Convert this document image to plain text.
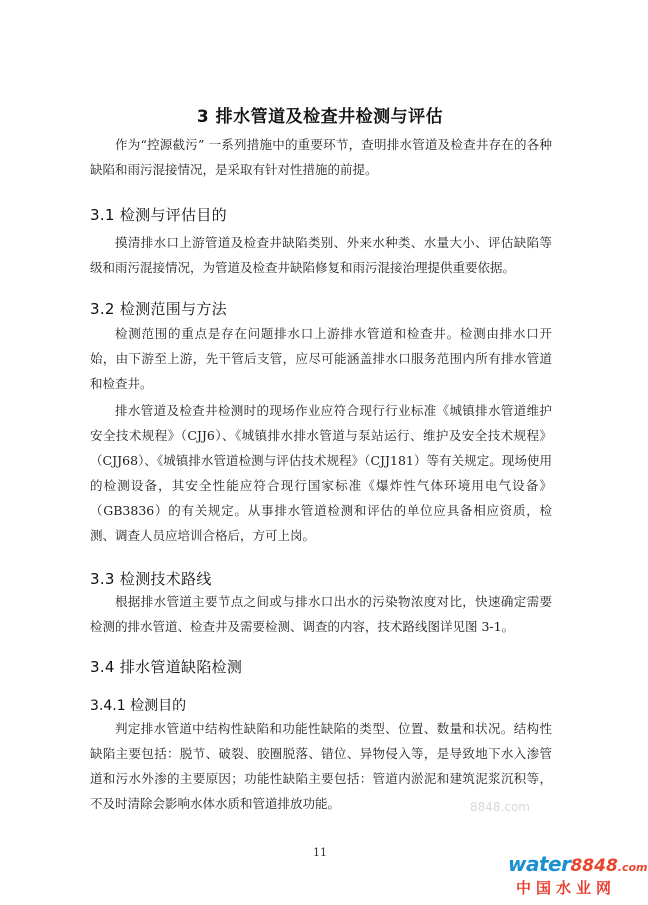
3 排水管道及检查井检测与评估

作为“控源截污” 一系列措施中的重要环节，查明排水管道及检查井存在的各种缺陷和雨污混接情况，是采取有针对性措施的前提。

3.1 检测与评估目的

摸清排水口上游管道及检查井缺陷类别、外来水种类、水量大小、评估缺陷等级和雨污混接情况，为管道及检查井缺陷修复和雨污混接治理提供重要依据。

3.2 检测范围与方法

检测范围的重点是存在问题排水口上游排水管道和检查井。检测由排水口开始，由下游至上游，先干管后支管，应尽可能涵盖排水口服务范围内所有排水管道和检查井。

排水管道及检查井检测时的现场作业应符合现行行业标准《城镇排水管道维护安全技术规程》（CJJ6）、《城镇排水排水管道与泵站运行、维护及安全技术规程》（CJJ68）、《城镇排水管道检测与评估技术规程》（CJJ181）等有关规定。现场使用的检测设备，其安全性能应符合现行国家标准《爆炸性气体环境用电气设备》（GB3836）的有关规定。从事排水管道检测和评估的单位应具备相应资质，检测、调查人员应培训合格后，方可上岗。

3.3 检测技术路线

根据排水管道主要节点之间或与排水口出水的污染物浓度对比，快速确定需要检测的排水管道、检查井及需要检测、调查的内容，技术路线图详见图 3-1。

3.4 排水管道缺陷检测
3.4.1 检测目的

判定排水管道中结构性缺陷和功能性缺陷的类型、位置、数量和状况。结构性缺陷主要包括：脱节、破裂、胶圈脱落、错位、异物侵入等，是导致地下水入渗管道和污水外渗的主要原因；功能性缺陷主要包括：管道内淤泥和建筑泥浆沉积等，不及时清除会影响水体水质和管道排放功能。

11
8848.com
water8848.com
中国水业网
